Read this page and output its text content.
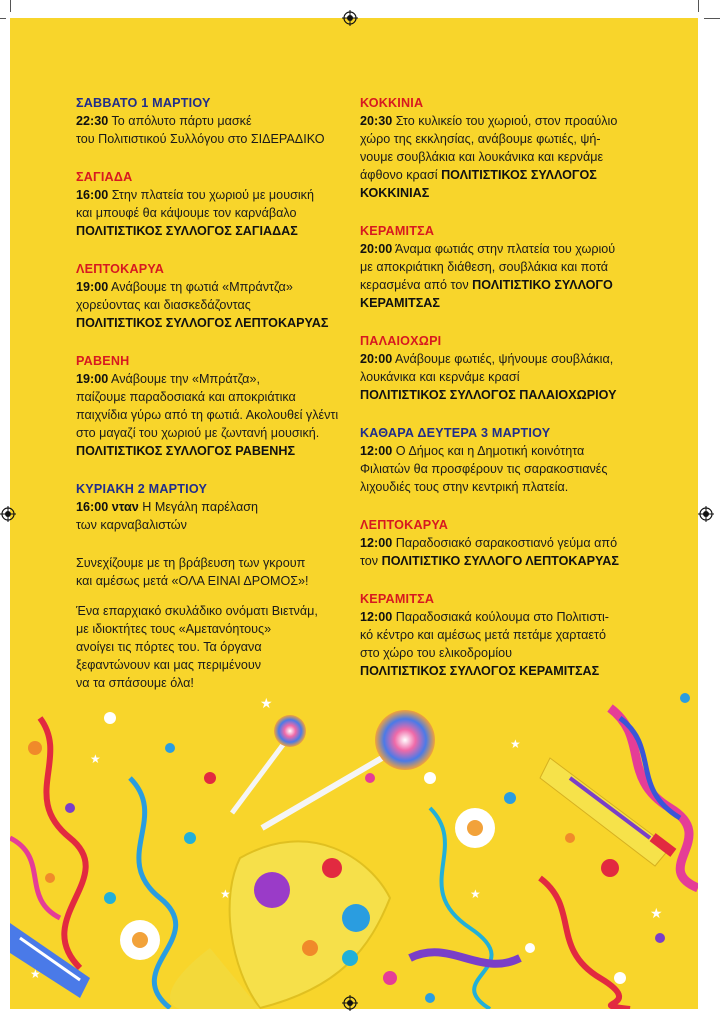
ΣΑΒΒΑΤΟ 1 ΜΑΡΤΙΟΥ
22:30 Το απόλυτο πάρτυ μασκέ
του Πολιτιστικού Συλλόγου στο ΣΙΔΕΡΑΔΙΚΟ
ΣΑΓΙΑΔΑ
16:00 Στην πλατεία του χωριού με μουσική
και μπουφέ θα κάψουμε τον καρνάβαλο
ΠΟΛΙΤΙΣΤΙΚΟΣ ΣΥΛΛΟΓΟΣ ΣΑΓΙΑΔΑΣ
ΛΕΠΤΟΚΑΡΥΑ
19:00 Ανάβουμε τη φωτιά «Μπράντζα»
χορεύοντας και διασκεδάζοντας
ΠΟΛΙΤΙΣΤΙΚΟΣ ΣΥΛΛΟΓΟΣ ΛΕΠΤΟΚΑΡΥΑΣ
ΡΑΒΕΝΗ
19:00 Ανάβουμε την «Μπράτζα»,
παίζουμε παραδοσιακά και αποκριάτικα
παιχνίδια γύρω από τη φωτιά. Ακολουθεί γλέντι
στο μαγαζί του χωριού με ζωντανή μουσική.
ΠΟΛΙΤΙΣΤΙΚΟΣ ΣΥΛΛΟΓΟΣ ΡΑΒΕΝΗΣ
ΚΥΡΙΑΚΗ 2 ΜΑΡΤΙΟΥ
16:00 νταν Η Μεγάλη παρέλαση
των καρναβαλιστών
Συνεχίζουμε με τη βράβευση των γκρουπ
και αμέσως μετά «ΟΛΑ ΕΙΝΑΙ ΔΡΟΜΟΣ»!
Ένα επαρχιακό σκυλάδικο ονόματι Βιετνάμ,
με ιδιοκτήτες τους «Αμετανόητους»
ανοίγει τις πόρτες του. Τα όργανα
ξεφαντώνουν και μας περιμένουν
να τα σπάσουμε όλα!
ΚΟΚΚΙΝΙΑ
20:30 Στο κυλικείο του χωριού, στον προαύλιο
χώρο της εκκλησίας, ανάβουμε φωτιές, ψή-
νουμε σουβλάκια και λουκάνικα και κερνάμε
άφθονο κρασί ΠΟΛΙΤΙΣΤΙΚΟΣ ΣΥΛΛΟΓΟΣ
ΚΟΚΚΙΝΙΑΣ
ΚΕΡΑΜΙΤΣΑ
20:00 Άναμα φωτιάς στην πλατεία του χωριού
με αποκριάτικη διάθεση, σουβλάκια και ποτά
κερασμένα από τον ΠΟΛΙΤΙΣΤΙΚΟ ΣΥΛΛΟΓΟ
ΚΕΡΑΜΙΤΣΑΣ
ΠΑΛΑΙΟΧΩΡΙ
20:00 Ανάβουμε φωτιές, ψήνουμε σουβλάκια,
λουκάνικα και κερνάμε κρασί
ΠΟΛΙΤΙΣΤΙΚΟΣ ΣΥΛΛΟΓΟΣ ΠΑΛΑΙΟΧΩΡΙΟΥ
ΚΑΘΑΡΑ ΔΕΥΤΕΡΑ 3 ΜΑΡΤΙΟΥ
12:00 Ο Δήμος και η Δημοτική κοινότητα
Φιλιατών θα προσφέρουν τις σαρακοστιανές
λιχουδιές τους στην κεντρική πλατεία.
ΛΕΠΤΟΚΑΡΥΑ
12:00 Παραδοσιακό σαρακοστιανό γεύμα από
τον ΠΟΛΙΤΙΣΤΙΚΟ ΣΥΛΛΟΓΟ ΛΕΠΤΟΚΑΡΥΑΣ
ΚΕΡΑΜΙΤΣΑ
12:00 Παραδοσιακά κούλουμα στο Πολιτιστι-
κό κέντρο και αμέσως μετά πετάμε χαρταετό
στο χώρο του ελικοδρομίου
ΠΟΛΙΤΙΣΤΙΚΟΣ ΣΥΛΛΟΓΟΣ ΚΕΡΑΜΙΤΣΑΣ
★
★
★
★
★	★
★
